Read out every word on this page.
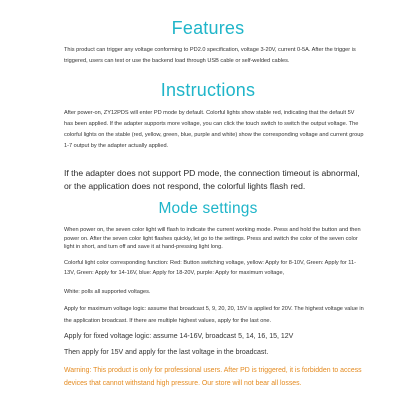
Features

This product can trigger any voltage conforming to PD2.0 specification, voltage 3-20V, current 0-5A. After the trigger is triggered, users can test or use the backend load through USB cable or self-welded cables.

Instructions

After power-on, ZY12PDS will enter PD mode by default. Colorful lights show stable red, indicating that the default 5V has been applied. If the adapter supports more voltage, you can click the touch switch to switch the output voltage. The colorful lights on the stable (red, yellow, green, blue, purple and white) show the corresponding voltage and current group 1-7 output by the adapter actually applied.

If the adapter does not support PD mode, the connection timeout is abnormal, or the application does not respond, the colorful lights flash red.

Mode settings

When power on, the seven color light will flash to indicate the current working mode. Press and hold the button and then power on. After the seven color light flashes quickly, let go to the settings. Press and switch the color of the seven color light in short, and turn off and save it at hand-pressing light long.

Colorful light color corresponding function: Red: Button switching voltage, yellow: Apply for 8-10V, Green: Apply for 11-13V, Green: Apply for 14-16V, blue: Apply for 18-20V, purple: Apply for maximum voltage,

White: polls all supported voltages.

Apply for maximum voltage logic: assume that broadcast 5, 9, 20, 20, 15V is applied for 20V. The highest voltage value in the application broadcast. If there are multiple highest values, apply for the last one.

Apply for fixed voltage logic: assume 14-16V, broadcast 5, 14, 16, 15, 12V

Then apply for 15V and apply for the last voltage in the broadcast.

Warning: This product is only for professional users. After PD is triggered, it is forbidden to access devices that cannot withstand high pressure. Our store will not bear all losses.
